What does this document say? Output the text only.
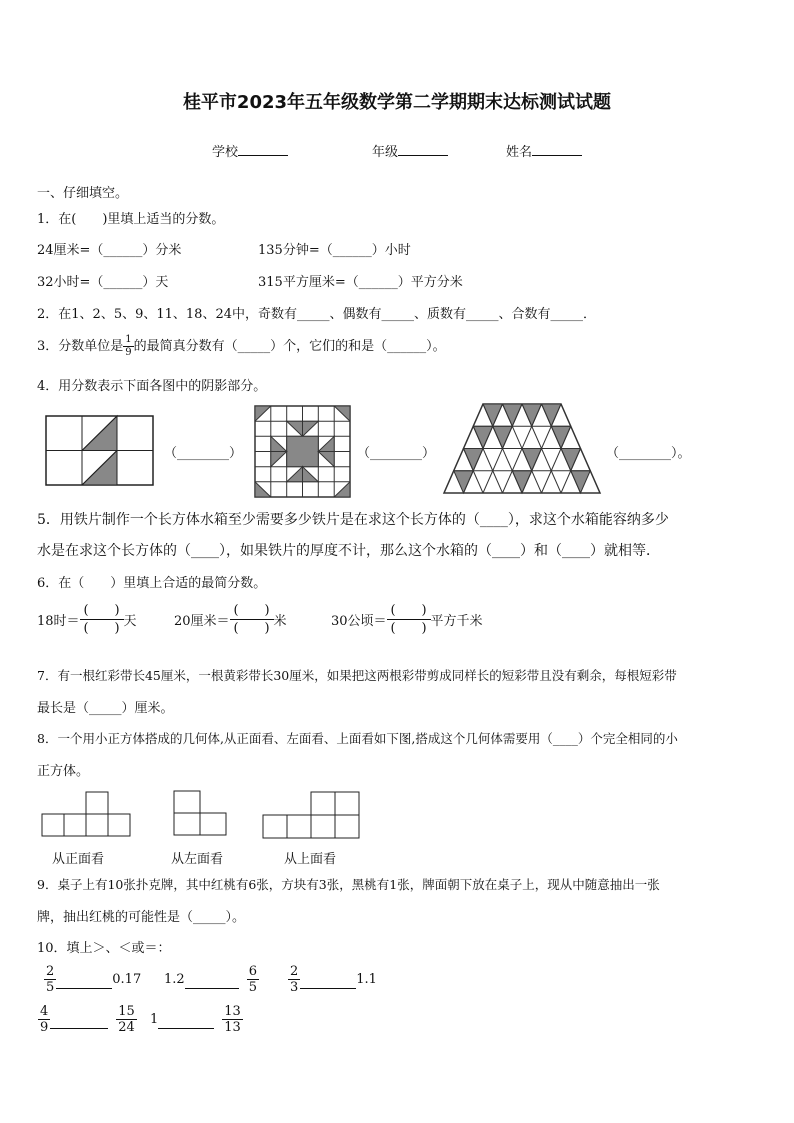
桂平市2023年五年级数学第二学期期末达标测试试题
学校	年级	姓名
一、仔细填空。
1．在(　　)里填上适当的分数。
24厘米=（______）分米	135分钟=（______）小时
32小时=（______）天	315平方厘米=（______）平方分米
2．在1、2、5、9、11、18、24中，奇数有_____、偶数有_____、质数有_____、合数有_____．
3．分数单位是 $\frac{1}{9}$ 的最简真分数有（_____）个，它们的和是（______）。
4．用分数表示下面各图中的阴影部分。
（________）	（________）	（________）。
5．用铁片制作一个长方体水箱至少需要多少铁片是在求这个长方体的（____），求这个水箱能容纳多少
水是在求这个长方体的（____），如果铁片的厚度不计，那么这个水箱的（____）和（____）就相等．
6．在（　　）里填上合适的最简分数。
18时＝
(　　)
(　　) 天	20厘米＝
(　　)
(　　) 米	30公顷＝
(　　)
(　　) 平方千米
7．有一根红彩带长45厘米，一根黄彩带长30厘米，如果把这两根彩带剪成同样长的短彩带且没有剩余，每根短彩带
最长是（_____）厘米。
8．一个用小正方体搭成的几何体,从正面看、左面看、上面看如下图,搭成这个几何体需要用（____）个完全相同的小
正方体。
从正面看	从左面看	从上面看
9．桌子上有10张扑克牌，其中红桃有6张，方块有3张，黑桃有1张，牌面朝下放在桌子上，现从中随意抽出一张
牌，抽出红桃的可能性是（_____）。
10．填上＞、＜或＝：
$\frac{2}{5}$	0.17 1.2	$\frac{6}{5} \frac{2}{3}$	1.1
$\frac{4}{9}$	$\frac{15}{24} 1$	$\frac{13}{13}$
